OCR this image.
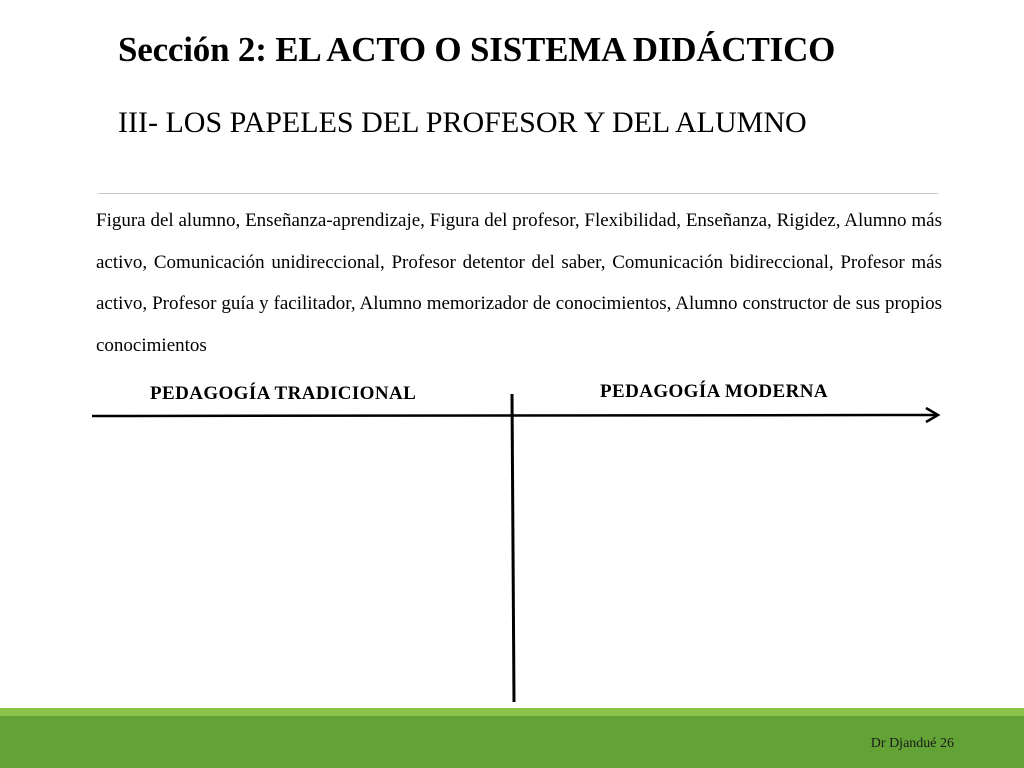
Sección 2: EL ACTO O SISTEMA DIDÁCTICO
III- LOS PAPELES DEL PROFESOR Y DEL ALUMNO
Figura del alumno, Enseñanza-aprendizaje, Figura del profesor, Flexibilidad, Enseñanza, Rigidez, Alumno más activo, Comunicación unidireccional, Profesor detentor del saber, Comunicación bidireccional, Profesor más activo, Profesor guía y facilitador, Alumno memorizador de conocimientos, Alumno constructor de sus propios conocimientos
PEDAGOGÍA TRADICIONAL	PEDAGOGÍA MODERNA
Dr Djandué 26
